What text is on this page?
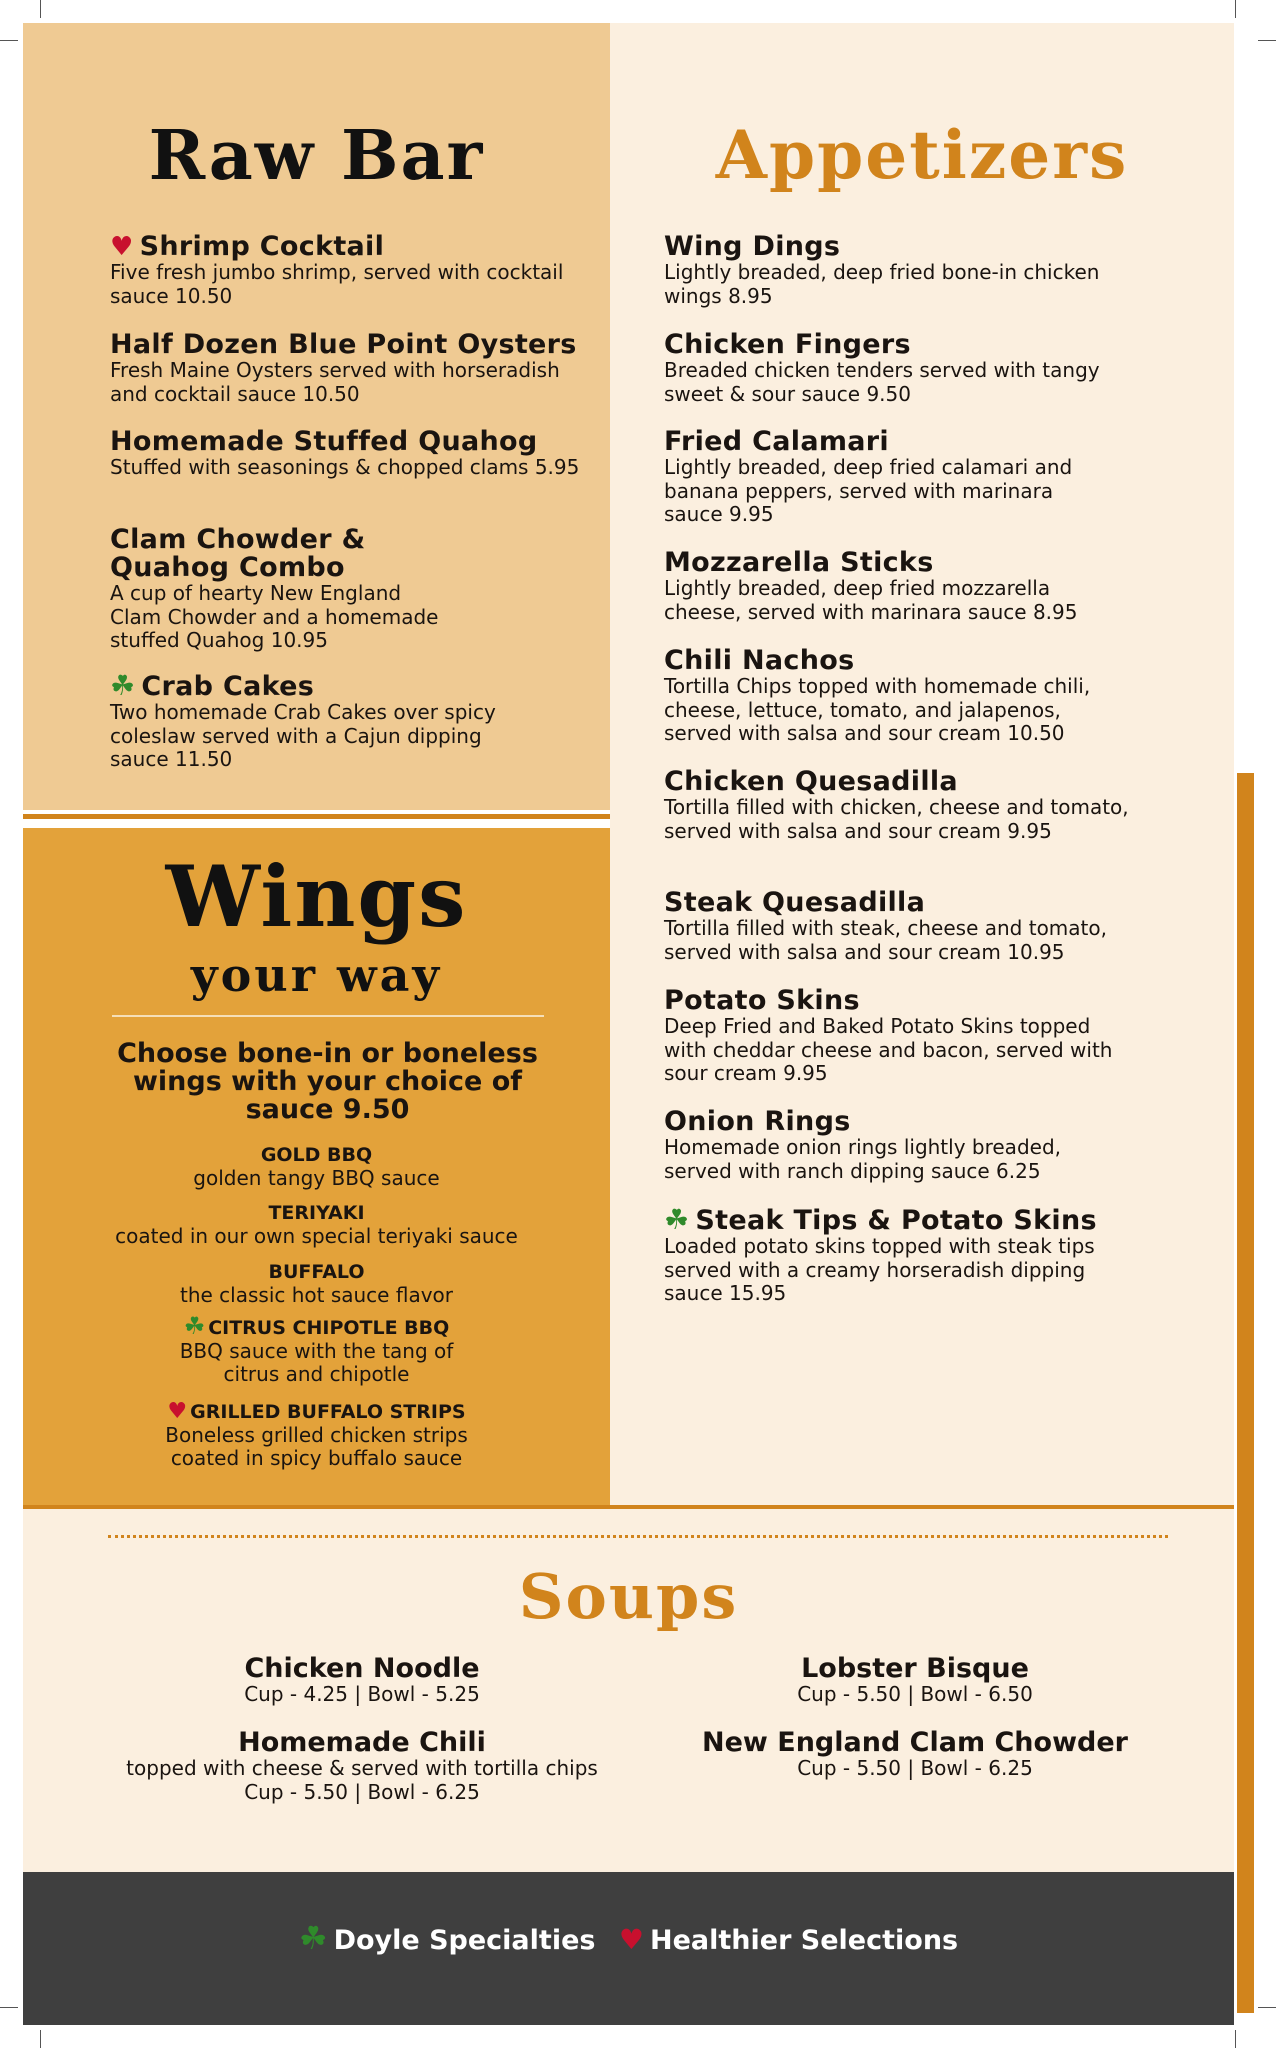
Raw Bar
♥ Shrimp Cocktail
Five fresh jumbo shrimp, served with cocktail sauce 10.50
Half Dozen Blue Point Oysters
Fresh Maine Oysters served with horseradish and cocktail sauce 10.50
Homemade Stuffed Quahog
Stuffed with seasonings & chopped clams 5.95
Clam Chowder & Quahog Combo
A cup of hearty New England Clam Chowder and a homemade stuffed Quahog 10.95
☘ Crab Cakes
Two homemade Crab Cakes over spicy coleslaw served with a Cajun dipping sauce 11.50
Wings
your way
Choose bone-in or boneless wings with your choice of sauce 9.50
GOLD BBQ
golden tangy BBQ sauce
TERIYAKI
coated in our own special teriyaki sauce
BUFFALO
the classic hot sauce flavor
☘ CITRUS CHIPOTLE BBQ
BBQ sauce with the tang of citrus and chipotle
♥ GRILLED BUFFALO STRIPS
Boneless grilled chicken strips coated in spicy buffalo sauce
Appetizers
Wing Dings
Lightly breaded, deep fried bone-in chicken wings 8.95
Chicken Fingers
Breaded chicken tenders served with tangy sweet & sour sauce 9.50
Fried Calamari
Lightly breaded, deep fried calamari and banana peppers, served with marinara sauce 9.95
Mozzarella Sticks
Lightly breaded, deep fried mozzarella cheese, served with marinara sauce 8.95
Chili Nachos
Tortilla Chips topped with homemade chili, cheese, lettuce, tomato, and jalapenos, served with salsa and sour cream 10.50
Chicken Quesadilla
Tortilla filled with chicken, cheese and tomato, served with salsa and sour cream 9.95
Steak Quesadilla
Tortilla filled with steak, cheese and tomato, served with salsa and sour cream 10.95
Potato Skins
Deep Fried and Baked Potato Skins topped with cheddar cheese and bacon, served with sour cream 9.95
Onion Rings
Homemade onion rings lightly breaded, served with ranch dipping sauce 6.25
☘ Steak Tips & Potato Skins
Loaded potato skins topped with steak tips served with a creamy horseradish dipping sauce 15.95
Soups
Chicken Noodle
Cup - 4.25 | Bowl - 5.25
Homemade Chili
topped with cheese & served with tortilla chips
Cup - 5.50 | Bowl - 6.25
Lobster Bisque
Cup - 5.50 | Bowl - 6.50
New England Clam Chowder
Cup - 5.50 | Bowl - 6.25
☘ Doyle Specialties ♥ Healthier Selections
